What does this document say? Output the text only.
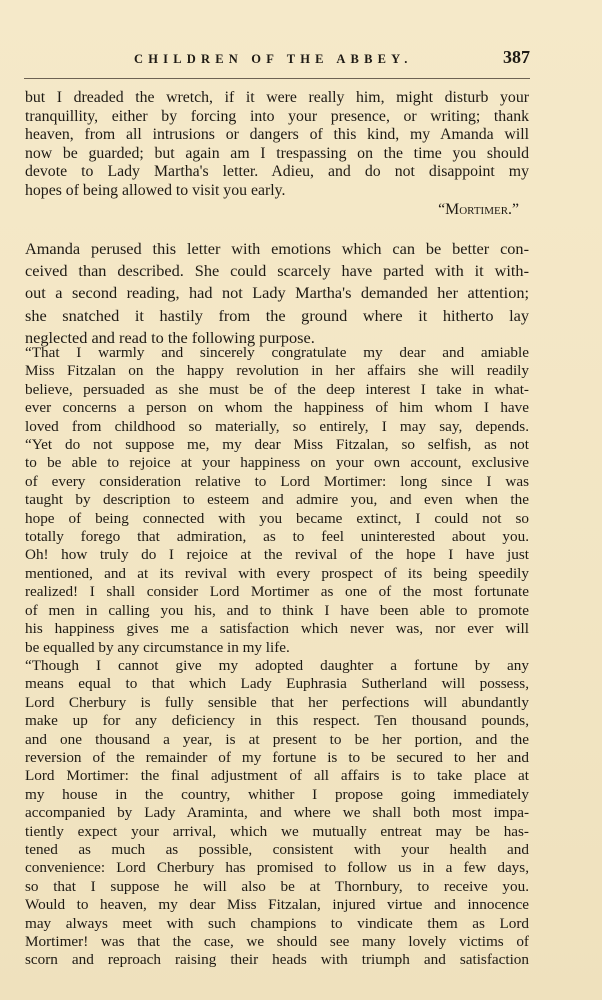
CHILDREN OF THE ABBEY.	387
but I dreaded the wretch, if it were really him, might disturb your
tranquillity, either by forcing into your presence, or writing; thank
heaven, from all intrusions or dangers of this kind, my Amanda will
now be guarded; but again am I trespassing on the time you should
devote to Lady Martha's letter. Adieu, and do not disappoint my
hopes of being allowed to visit you early.
“Mortimer.”
Amanda perused this letter with emotions which can be better con-
ceived than described. She could scarcely have parted with it with-
out a second reading, had not Lady Martha's demanded her attention;
she snatched it hastily from the ground where it hitherto lay
neglected and read to the following purpose.
“That I warmly and sincerely congratulate my dear and amiable
Miss Fitzalan on the happy revolution in her affairs she will readily
believe, persuaded as she must be of the deep interest I take in what-
ever concerns a person on whom the happiness of him whom I have
loved from childhood so materially, so entirely, I may say, depends.
“Yet do not suppose me, my dear Miss Fitzalan, so selfish, as not
to be able to rejoice at your happiness on your own account, exclusive
of every consideration relative to Lord Mortimer: long since I was
taught by description to esteem and admire you, and even when the
hope of being connected with you became extinct, I could not so
totally forego that admiration, as to feel uninterested about you.
Oh! how truly do I rejoice at the revival of the hope I have just
mentioned, and at its revival with every prospect of its being speedily
realized! I shall consider Lord Mortimer as one of the most fortunate
of men in calling you his, and to think I have been able to promote
his happiness gives me a satisfaction which never was, nor ever will
be equalled by any circumstance in my life.
“Though I cannot give my adopted daughter a fortune by any
means equal to that which Lady Euphrasia Sutherland will possess,
Lord Cherbury is fully sensible that her perfections will abundantly
make up for any deficiency in this respect. Ten thousand pounds,
and one thousand a year, is at present to be her portion, and the
reversion of the remainder of my fortune is to be secured to her and
Lord Mortimer: the final adjustment of all affairs is to take place at
my house in the country, whither I propose going immediately
accompanied by Lady Araminta, and where we shall both most impa-
tiently expect your arrival, which we mutually entreat may be has-
tened as much as possible, consistent with your health and
convenience: Lord Cherbury has promised to follow us in a few days,
so that I suppose he will also be at Thornbury, to receive you.
Would to heaven, my dear Miss Fitzalan, injured virtue and innocence
may always meet with such champions to vindicate them as Lord
Mortimer! was that the case, we should see many lovely victims of
scorn and reproach raising their heads with triumph and satisfaction
